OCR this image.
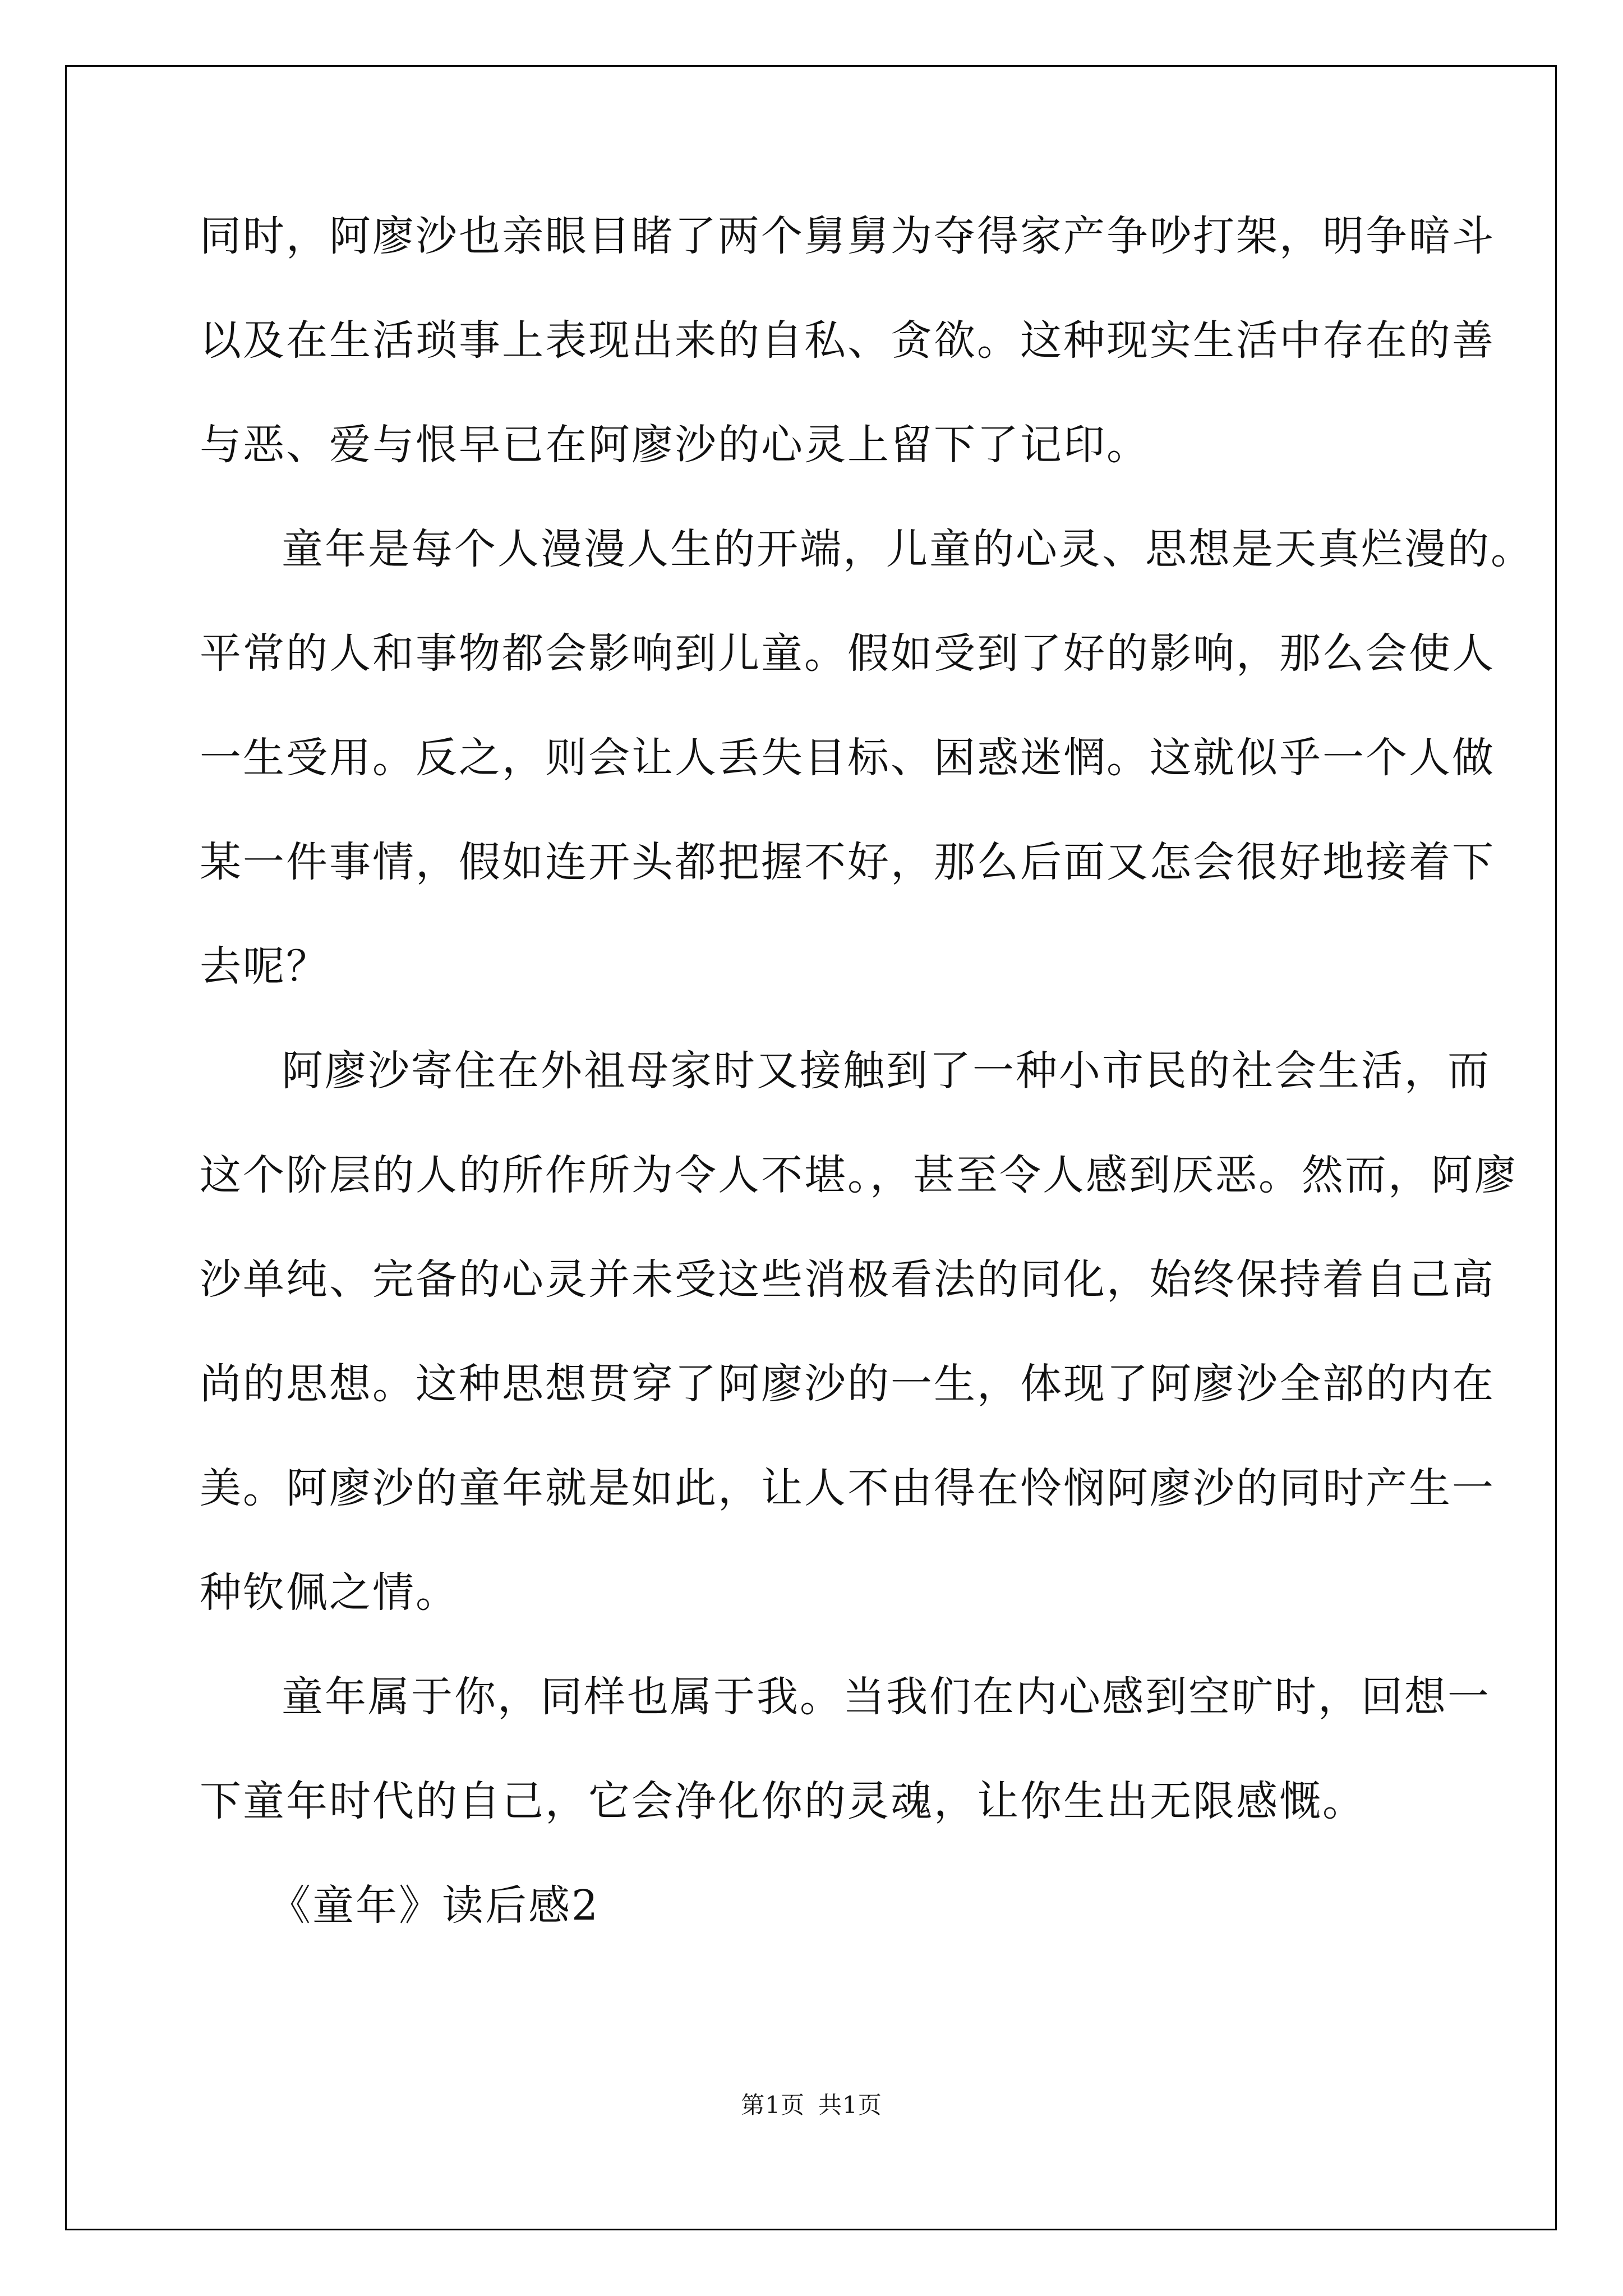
同时，阿廖沙也亲眼目睹了两个舅舅为夺得家产争吵打架，明争暗斗
以及在生活琐事上表现出来的自私、贪欲。这种现实生活中存在的善
与恶、爱与恨早已在阿廖沙的心灵上留下了记印。
童年是每个人漫漫人生的开端，儿童的心灵、思想是天真烂漫的。
平常的人和事物都会影响到儿童。假如受到了好的影响，那么会使人
一生受用。反之，则会让人丢失目标、困惑迷惘。这就似乎一个人做
某一件事情，假如连开头都把握不好，那么后面又怎会很好地接着下
去呢？
阿廖沙寄住在外祖母家时又接触到了一种小市民的社会生活，而
这个阶层的人的所作所为令人不堪。，甚至令人感到厌恶。然而，阿廖
沙单纯、完备的心灵并未受这些消极看法的同化，始终保持着自己高
尚的思想。这种思想贯穿了阿廖沙的一生，体现了阿廖沙全部的内在
美。阿廖沙的童年就是如此，让人不由得在怜悯阿廖沙的同时产生一
种钦佩之情。
童年属于你，同样也属于我。当我们在内心感到空旷时，回想一
下童年时代的自己，它会净化你的灵魂，让你生出无限感慨。
《童年》读后感2
第1页 共1页
